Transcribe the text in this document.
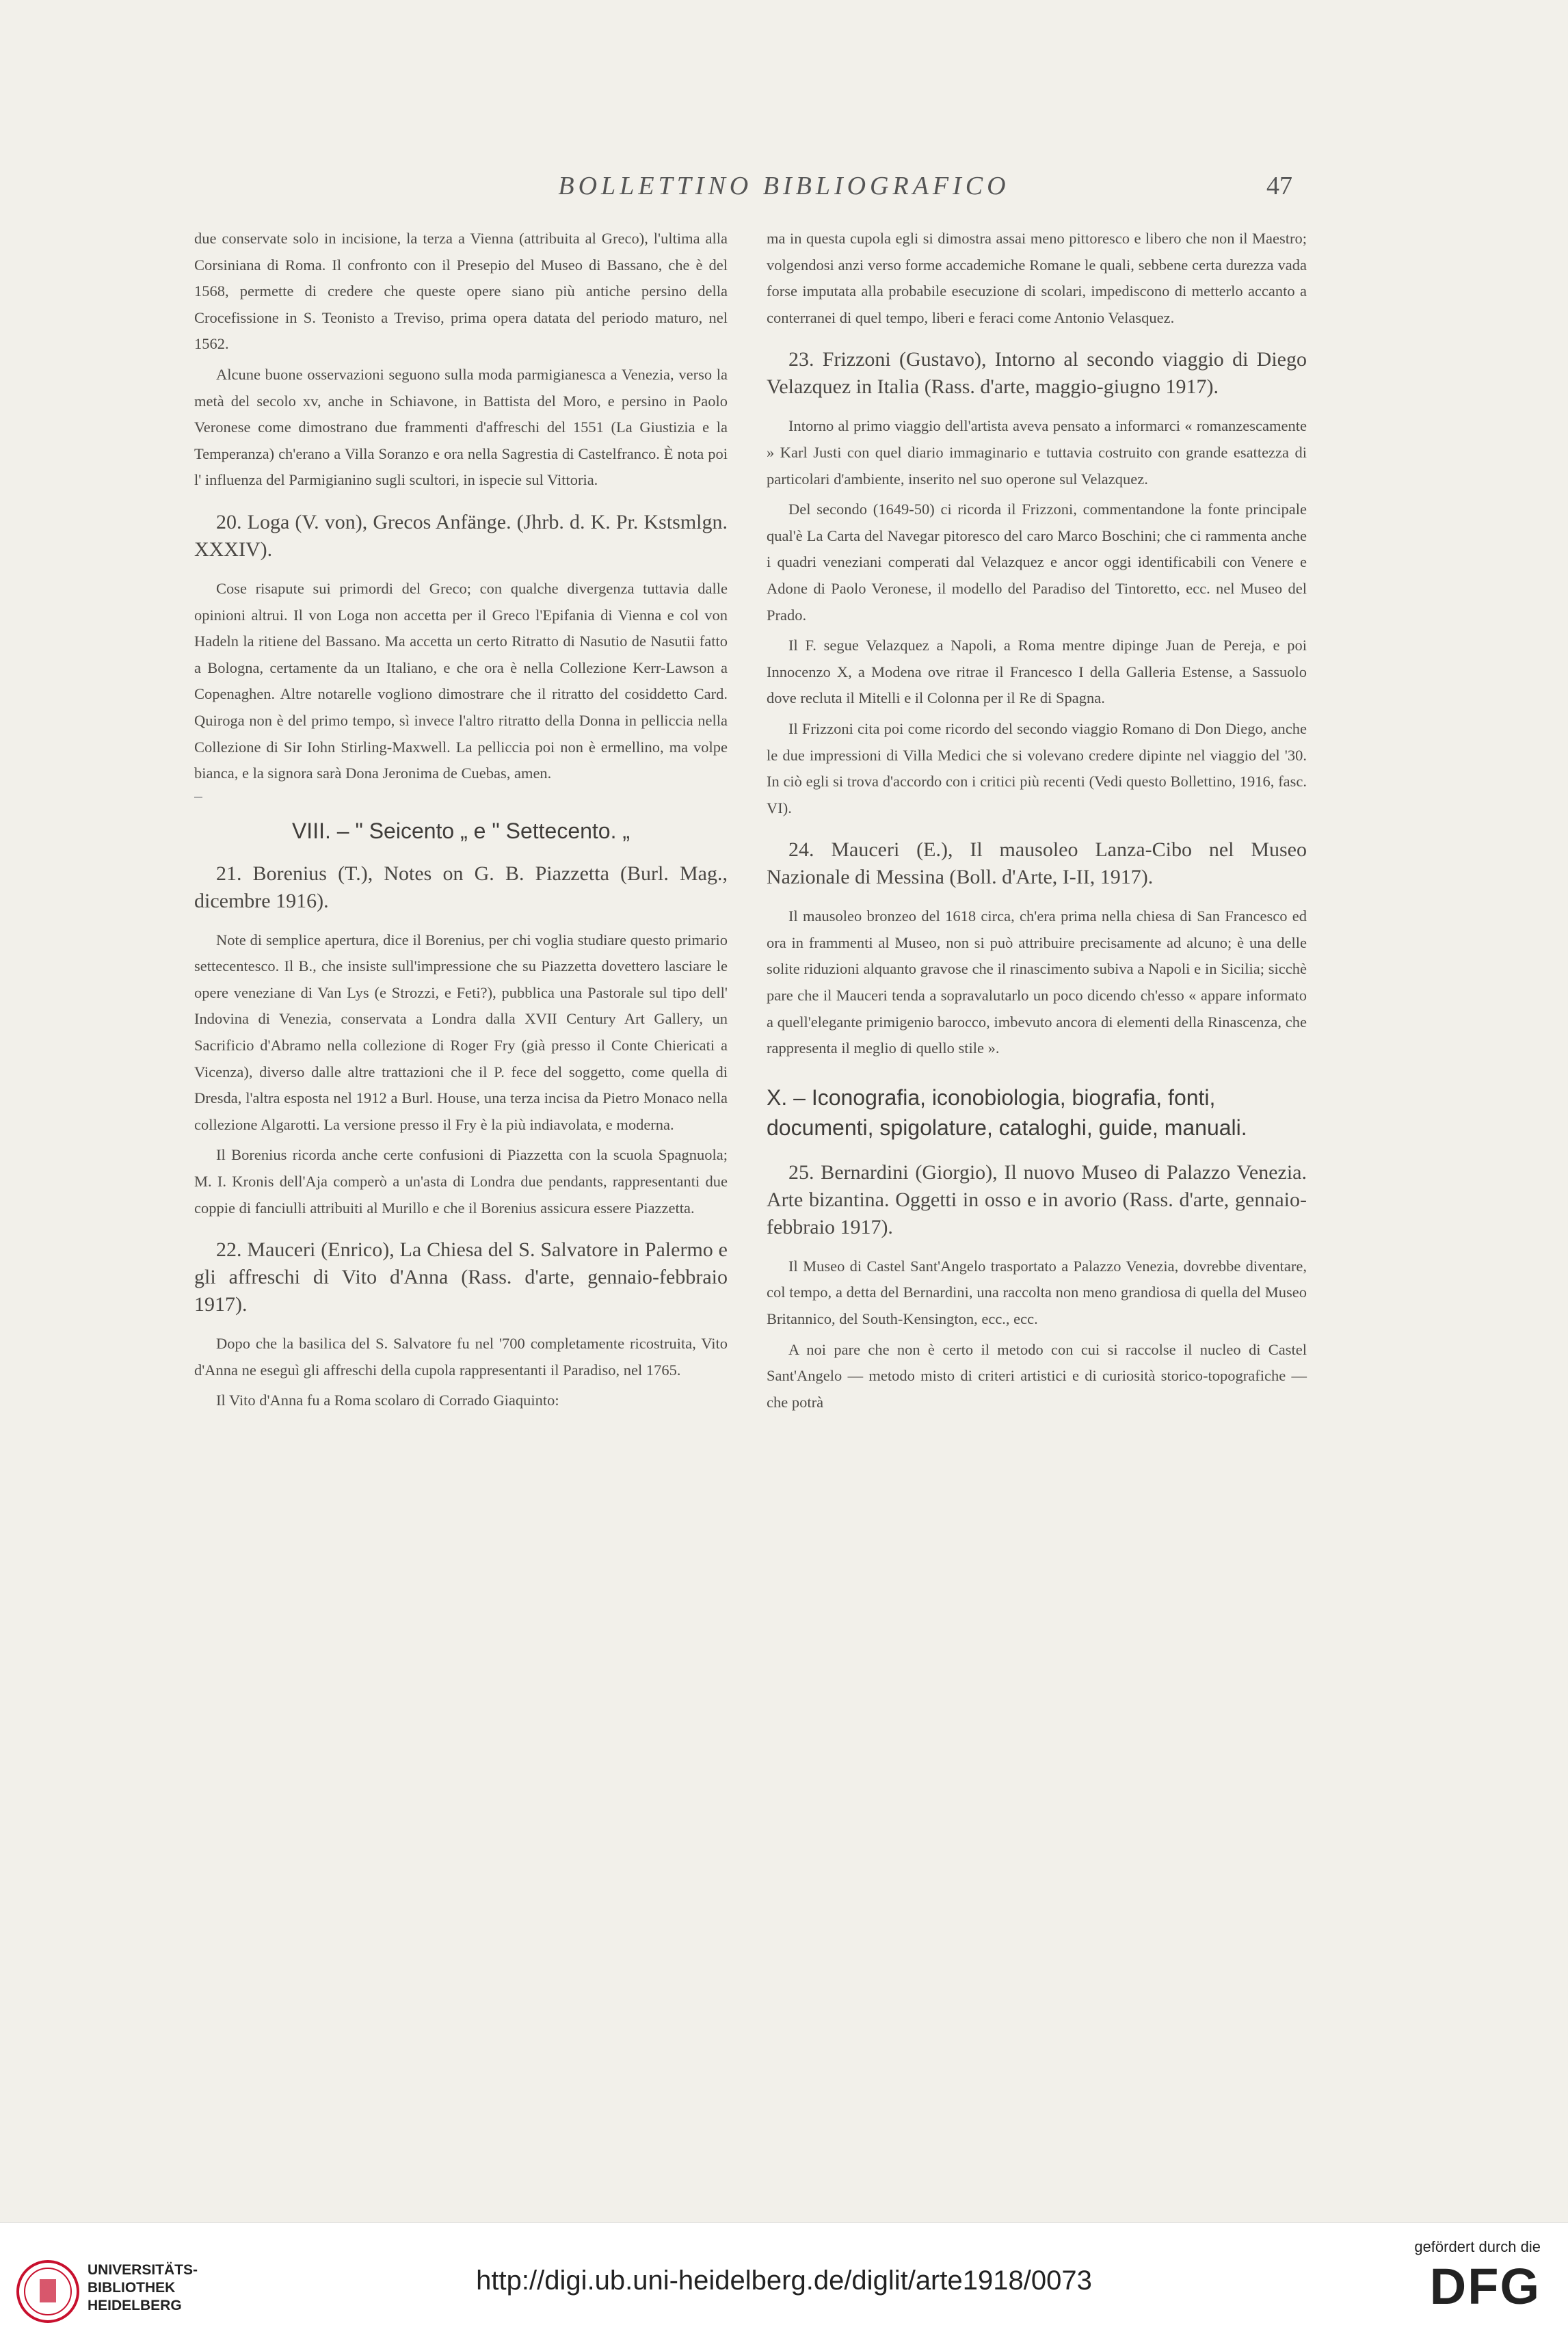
BOLLETTINO BIBLIOGRAFICO	47

due conservate solo in incisione, la terza a Vienna (attribuita al Greco), l'ultima alla Corsiniana di Roma. Il confronto con il Presepio del Museo di Bassano, che è del 1568, permette di credere che queste opere siano più antiche persino della Crocefissione in S. Teonisto a Treviso, prima opera datata del periodo maturo, nel 1562.

Alcune buone osservazioni seguono sulla moda parmigianesca a Venezia, verso la metà del secolo xv, anche in Schiavone, in Battista del Moro, e persino in Paolo Veronese come dimostrano due frammenti d'affreschi del 1551 (La Giustizia e la Temperanza) ch'erano a Villa Soranzo e ora nella Sagrestia di Castelfranco. È nota poi l' influenza del Parmigianino sugli scultori, in ispecie sul Vittoria.

20. Loga (V. von), Grecos Anfänge. (Jhrb. d. K. Pr. Kstsmlgn. XXXIV).

Cose risapute sui primordi del Greco; con qualche divergenza tuttavia dalle opinioni altrui. Il von Loga non accetta per il Greco l'Epifania di Vienna e col von Hadeln la ritiene del Bassano. Ma accetta un certo Ritratto di Nasutio de Nasutii fatto a Bologna, certamente da un Italiano, e che ora è nella Collezione Kerr-Lawson a Copenaghen. Altre notarelle vogliono dimostrare che il ritratto del cosiddetto Card. Quiroga non è del primo tempo, sì invece l'altro ritratto della Donna in pelliccia nella Collezione di Sir Iohn Stirling-Maxwell. La pelliccia poi non è ermellino, ma volpe bianca, e la signora sarà Dona Jeronima de Cuebas, amen.

VIII. – " Seicento „ e " Settecento. „

21. Borenius (T.), Notes on G. B. Piazzetta (Burl. Mag., dicembre 1916).

Note di semplice apertura, dice il Borenius, per chi voglia studiare questo primario settecentesco. Il B., che insiste sull'impressione che su Piazzetta dovettero lasciare le opere veneziane di Van Lys (e Strozzi, e Feti?), pubblica una Pastorale sul tipo dell' Indovina di Venezia, conservata a Londra dalla XVII Century Art Gallery, un Sacrificio d'Abramo nella collezione di Roger Fry (già presso il Conte Chiericati a Vicenza), diverso dalle altre trattazioni che il P. fece del soggetto, come quella di Dresda, l'altra esposta nel 1912 a Burl. House, una terza incisa da Pietro Monaco nella collezione Algarotti. La versione presso il Fry è la più indiavolata, e moderna.

Il Borenius ricorda anche certe confusioni di Piazzetta con la scuola Spagnuola; M. I. Kronis dell'Aja comperò a un'asta di Londra due pendants, rappresentanti due coppie di fanciulli attribuiti al Murillo e che il Borenius assicura essere Piazzetta.

22. Mauceri (Enrico), La Chiesa del S. Salvatore in Palermo e gli affreschi di Vito d'Anna (Rass. d'arte, gennaio-febbraio 1917).

Dopo che la basilica del S. Salvatore fu nel '700 completamente ricostruita, Vito d'Anna ne eseguì gli affreschi della cupola rappresentanti il Paradiso, nel 1765.

Il Vito d'Anna fu a Roma scolaro di Corrado Giaquinto:

ma in questa cupola egli si dimostra assai meno pittoresco e libero che non il Maestro; volgendosi anzi verso forme accademiche Romane le quali, sebbene certa durezza vada forse imputata alla probabile esecuzione di scolari, impediscono di metterlo accanto a conterranei di quel tempo, liberi e feraci come Antonio Velasquez.

23. Frizzoni (Gustavo), Intorno al secondo viaggio di Diego Velazquez in Italia (Rass. d'arte, maggio-giugno 1917).

Intorno al primo viaggio dell'artista aveva pensato a informarci « romanzescamente » Karl Justi con quel diario immaginario e tuttavia costruito con grande esattezza di particolari d'ambiente, inserito nel suo operone sul Velazquez.

Del secondo (1649-50) ci ricorda il Frizzoni, commentandone la fonte principale qual'è La Carta del Navegar pitoresco del caro Marco Boschini; che ci rammenta anche i quadri veneziani comperati dal Velazquez e ancor oggi identificabili con Venere e Adone di Paolo Veronese, il modello del Paradiso del Tintoretto, ecc. nel Museo del Prado.

Il F. segue Velazquez a Napoli, a Roma mentre dipinge Juan de Pereja, e poi Innocenzo X, a Modena ove ritrae il Francesco I della Galleria Estense, a Sassuolo dove recluta il Mitelli e il Colonna per il Re di Spagna.

Il Frizzoni cita poi come ricordo del secondo viaggio Romano di Don Diego, anche le due impressioni di Villa Medici che si volevano credere dipinte nel viaggio del '30. In ciò egli si trova d'accordo con i critici più recenti (Vedi questo Bollettino, 1916, fasc. VI).

24. Mauceri (E.), Il mausoleo Lanza-Cibo nel Museo Nazionale di Messina (Boll. d'Arte, I-II, 1917).

Il mausoleo bronzeo del 1618 circa, ch'era prima nella chiesa di San Francesco ed ora in frammenti al Museo, non si può attribuire precisamente ad alcuno; è una delle solite riduzioni alquanto gravose che il rinascimento subiva a Napoli e in Sicilia; sicchè pare che il Mauceri tenda a sopravalutarlo un poco dicendo ch'esso « appare informato a quell'elegante primigenio barocco, imbevuto ancora di elementi della Rinascenza, che rappresenta il meglio di quello stile ».

X. – Iconografia, iconobiologia, biografia, fonti, documenti, spigolature, cataloghi, guide, manuali.

25. Bernardini (Giorgio), Il nuovo Museo di Palazzo Venezia. Arte bizantina. Oggetti in osso e in avorio (Rass. d'arte, gennaio-febbraio 1917).

Il Museo di Castel Sant'Angelo trasportato a Palazzo Venezia, dovrebbe diventare, col tempo, a detta del Bernardini, una raccolta non meno grandiosa di quella del Museo Britannico, del South-Kensington, ecc., ecc.

A noi pare che non è certo il metodo con cui si raccolse il nucleo di Castel Sant'Angelo — metodo misto di criteri artistici e di curiosità storico-topografiche — che potrà

UNIVERSITÄTS-
BIBLIOTHEK
HEIDELBERG
http://digi.ub.uni-heidelberg.de/diglit/arte1918/0073
gefördert durch die
DFG
